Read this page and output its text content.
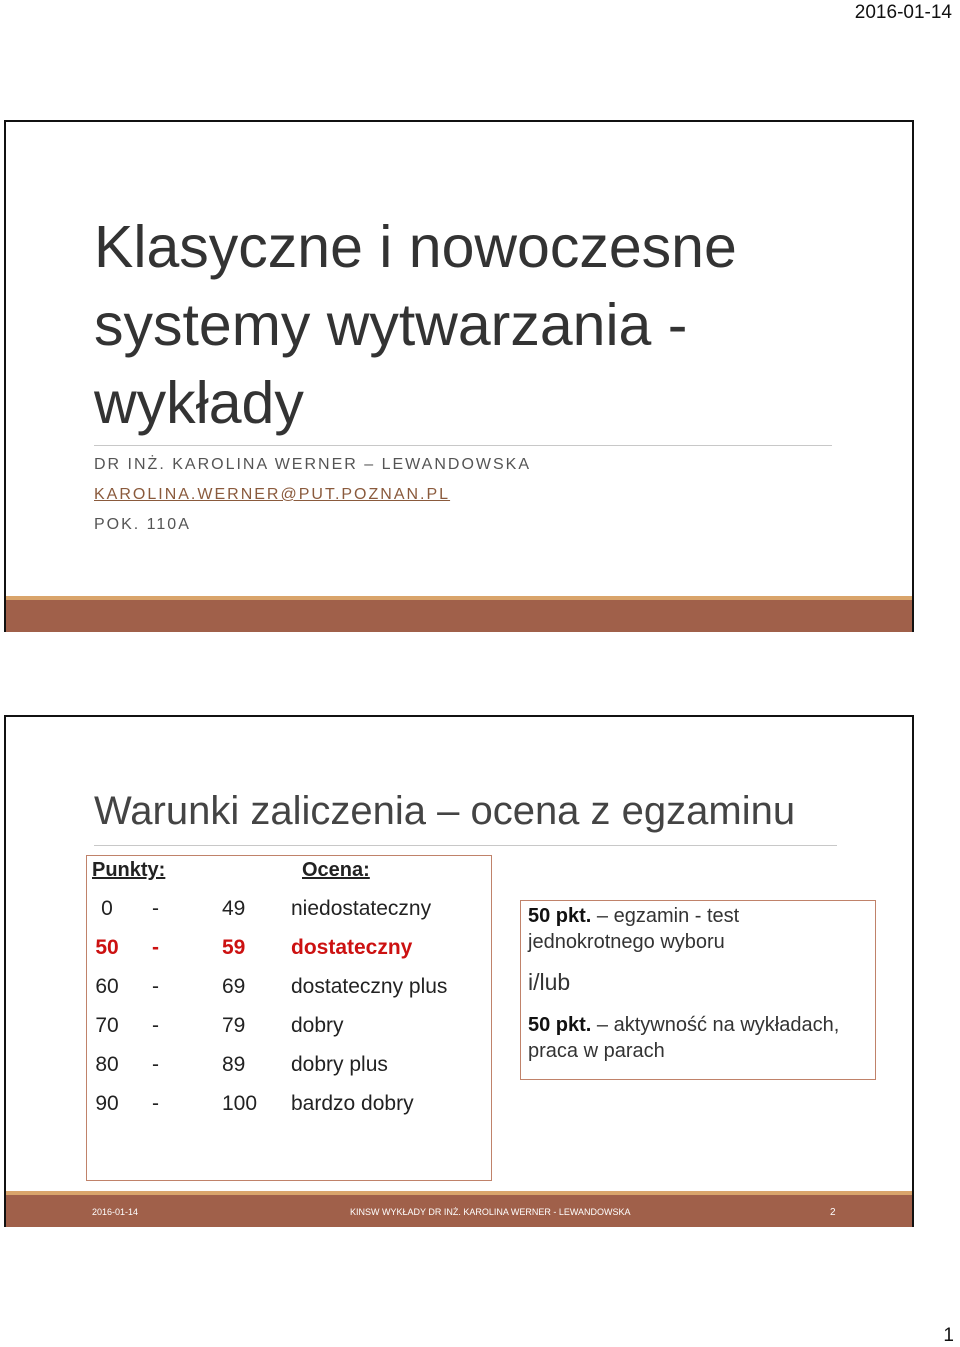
2016-01-14
Klasyczne i nowoczesne systemy wytwarzania - wykłady
DR INŻ. KAROLINA WERNER – LEWANDOWSKA
KAROLINA.WERNER@PUT.POZNAN.PL
POK. 110A
Warunki zaliczenia – ocena z egzaminu
Punkty:	Ocena:
0	-	49 niedostateczny
50 -	59 dostateczny
60 -	69 dostateczny plus
70 -	79 dobry
80 -	89 dobry plus
90 -	100 bardzo dobry
50 pkt. – egzamin - test
jednokrotnego wyboru
i/lub
50 pkt. – aktywność na wykładach,
praca w parach
2016-01-14	KINSW WYKŁADY DR INŻ. KAROLINA WERNER - LEWANDOWSKA	2
1
